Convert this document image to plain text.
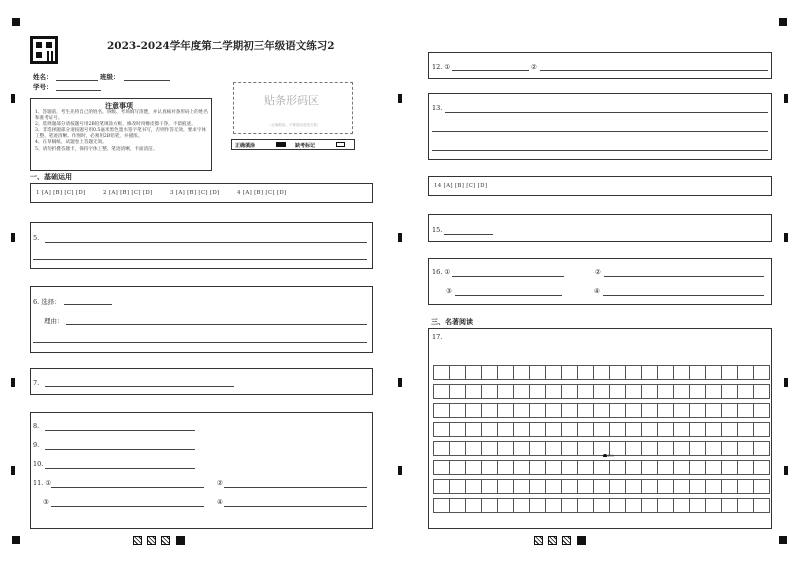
2023-2024学年度第二学期初三年级语文练习2
姓名：	班级：
学号：
注意事项
1、答题前，考生先将自己的姓名、班级、考场填写清楚，并认真核对条形码上的姓名和准考证号。
2、选择题部分请按题号用2B铅笔填涂方框，修改时用橡皮擦干净，不留痕迹。
3、非选择题部分请按题号用0.5毫米黑色墨水签字笔书写，否则作答无效。要求字体工整、笔迹清晰。作图时，必须用2B铅笔，并描浓。
4、在草稿纸、试题卷上答题无效。
5、请勿折叠答题卡，保持字体工整、笔迹清晰，卡面清洁。
贴条形码区
（正确粘贴，不要超出虚线方框）
正确填涂	缺考标记
一、基础运用
1 [A] [B] [C] [D]	2 [A] [B] [C] [D]	3 [A] [B] [C] [D]	4 [A] [B] [C] [D]
5.
6. 选择：
理由：
7.
8.
9.
10.
11. ①	②
③	④
12. ①	②
13.
14 [A] [B] [C] [D]
15.
16. ①	②
③	④
三、名著阅读
17.
100
